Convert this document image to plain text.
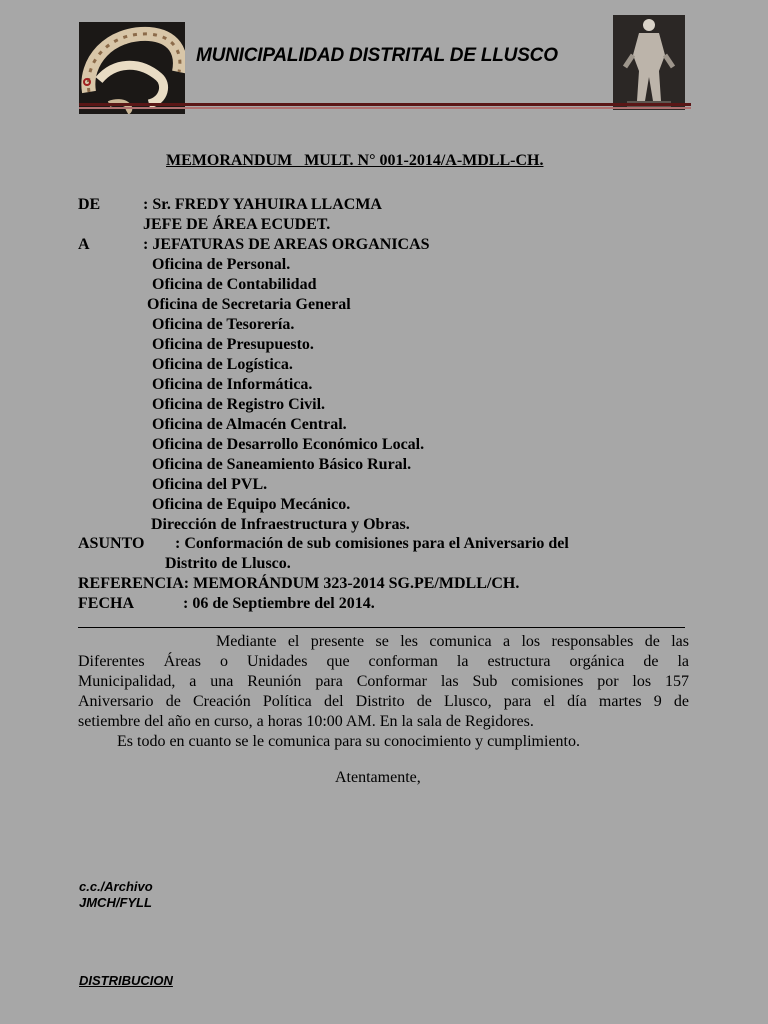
MUNICIPALIDAD DISTRITAL DE LLUSCO
MEMORANDUM   MULT. N° 001-2014/A-MDLL-CH.
DE	: Sr. FREDY YAHUIRA LLACMA
JEFE DE ÁREA ECUDET.
A	: JEFATURAS DE AREAS ORGANICAS
Oficina de Personal.
Oficina de Contabilidad
Oficina de Secretaria General
Oficina de Tesorería.
Oficina de Presupuesto.
Oficina de Logística.
Oficina de Informática.
Oficina de Registro Civil.
Oficina de Almacén Central.
Oficina de Desarrollo Económico Local.
Oficina de Saneamiento Básico Rural.
Oficina del PVL.
Oficina de Equipo Mecánico.
Dirección de Infraestructura y Obras.
ASUNTO : Conformación de sub comisiones para el Aniversario del
Distrito de Llusco.
REFERENCIA: MEMORÁNDUM 323-2014 SG.PE/MDLL/CH.
FECHA	: 06 de Septiembre del 2014.
Mediante el presente se les comunica a los responsables de las
Diferentes Áreas o Unidades que conforman la estructura orgánica de la
Municipalidad, a una Reunión para Conformar las Sub comisiones por los 157
Aniversario de Creación Política del Distrito de Llusco, para el día martes 9 de
setiembre del año en curso, a horas 10:00 AM. En la sala de Regidores.
Es todo en cuanto se le comunica para su conocimiento y cumplimiento.
Atentamente,
c.c./Archivo
JMCH/FYLL
DISTRIBUCION
